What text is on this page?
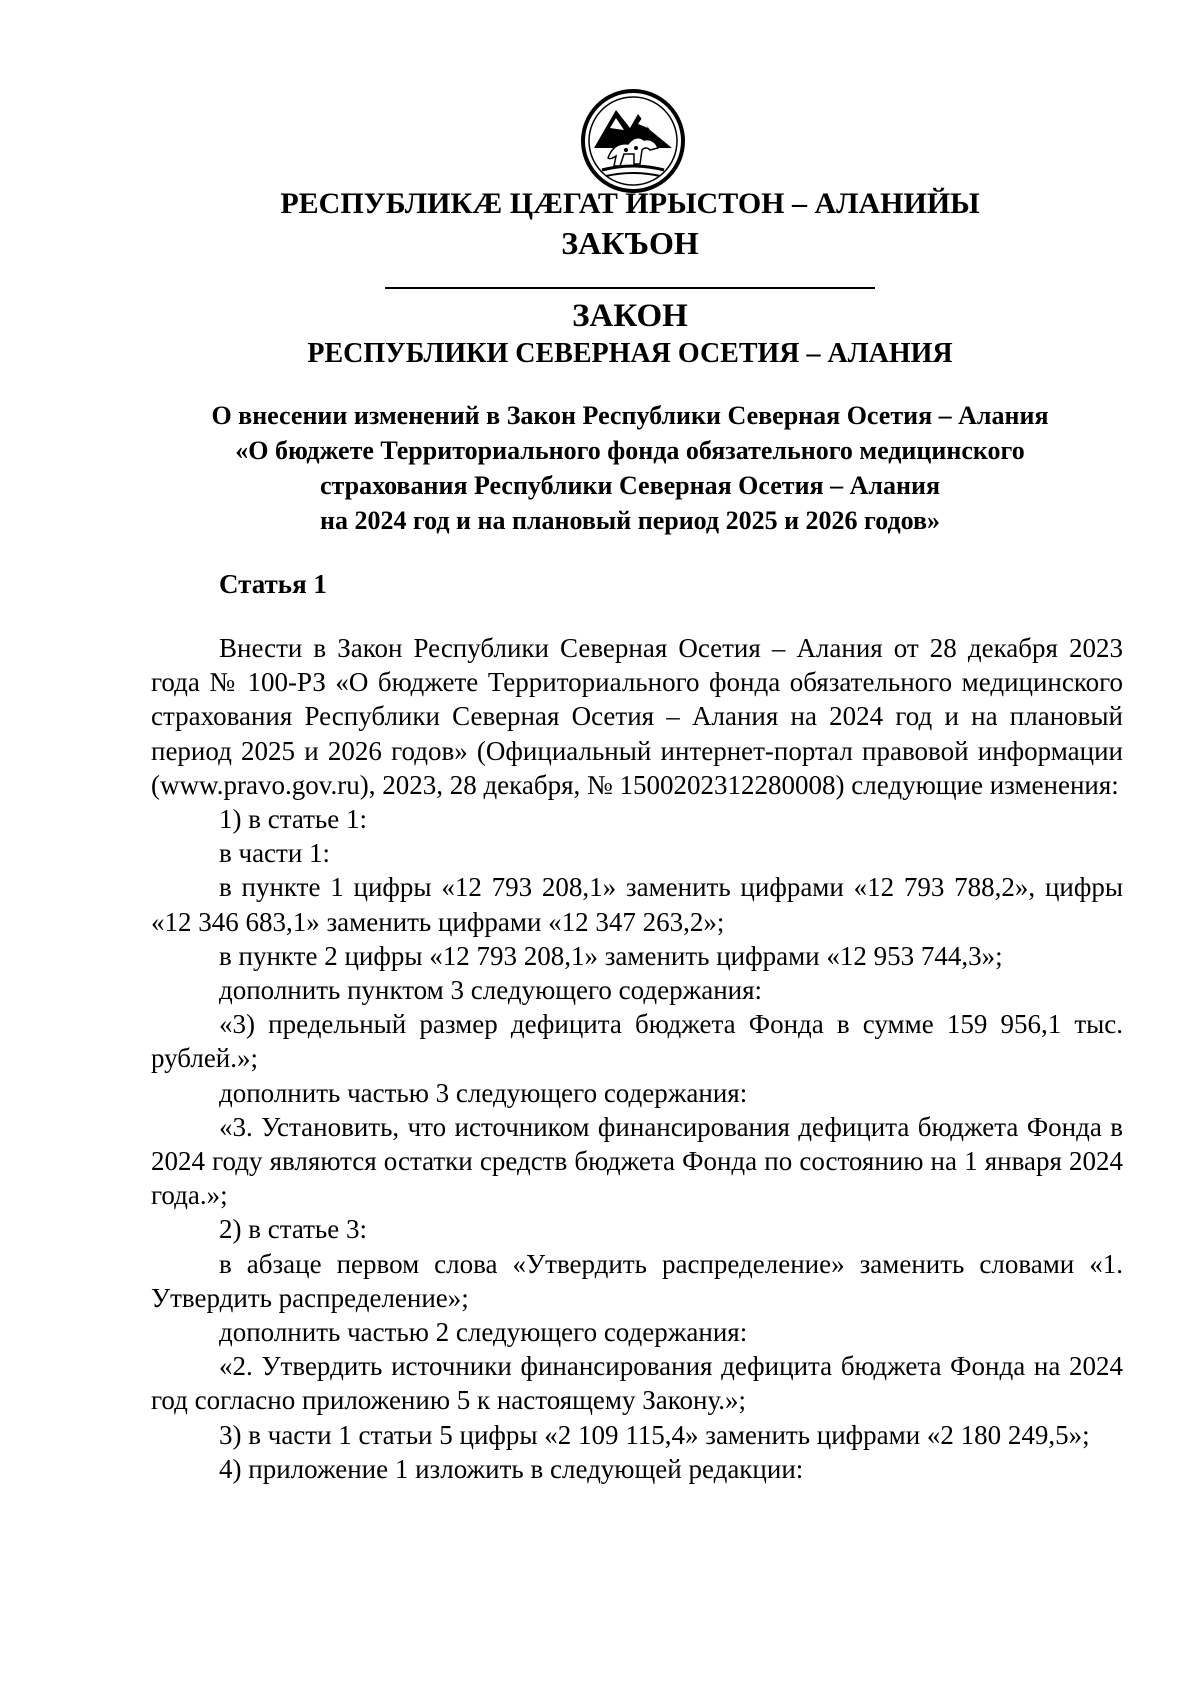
РЕСПУБЛИКӔ ЦӔГАТ ИРЫСТОН – АЛАНИЙЫ
ЗАКЪОН
ЗАКОН
РЕСПУБЛИКИ СЕВЕРНАЯ ОСЕТИЯ – АЛАНИЯ
О внесении изменений в Закон Республики Северная Осетия – Алания
«О бюджете Территориального фонда обязательного медицинского
страхования Республики Северная Осетия – Алания
на 2024 год и на плановый период 2025 и 2026 годов»
Статья 1

Внести в Закон Республики Северная Осетия – Алания от 28 декабря 2023 года № 100-РЗ «О бюджете Территориального фонда обязательного медицинского страхования Республики Северная Осетия – Алания на 2024 год и на плановый период 2025 и 2026 годов» (Официальный интернет-портал правовой информации (www.pravo.gov.ru), 2023, 28 декабря, № 1500202312280008) следующие изменения:

1) в статье 1:

в части 1:

в пункте 1 цифры «12 793 208,1» заменить цифрами «12 793 788,2», цифры «12 346 683,1» заменить цифрами «12 347 263,2»;

в пункте 2 цифры «12 793 208,1» заменить цифрами «12 953 744,3»;

дополнить пунктом 3 следующего содержания:

«3) предельный размер дефицита бюджета Фонда в сумме 159 956,1 тыс. рублей.»;

дополнить частью 3 следующего содержания:

«3. Установить, что источником финансирования дефицита бюджета Фонда в 2024 году являются остатки средств бюджета Фонда по состоянию на 1 января 2024 года.»;

2) в статье 3:

в абзаце первом слова «Утвердить распределение» заменить словами «1. Утвердить распределение»;

дополнить частью 2 следующего содержания:

«2. Утвердить источники финансирования дефицита бюджета Фонда на 2024 год согласно приложению 5 к настоящему Закону.»;

3) в части 1 статьи 5 цифры «2 109 115,4» заменить цифрами «2 180 249,5»;

4) приложение 1 изложить в следующей редакции:
